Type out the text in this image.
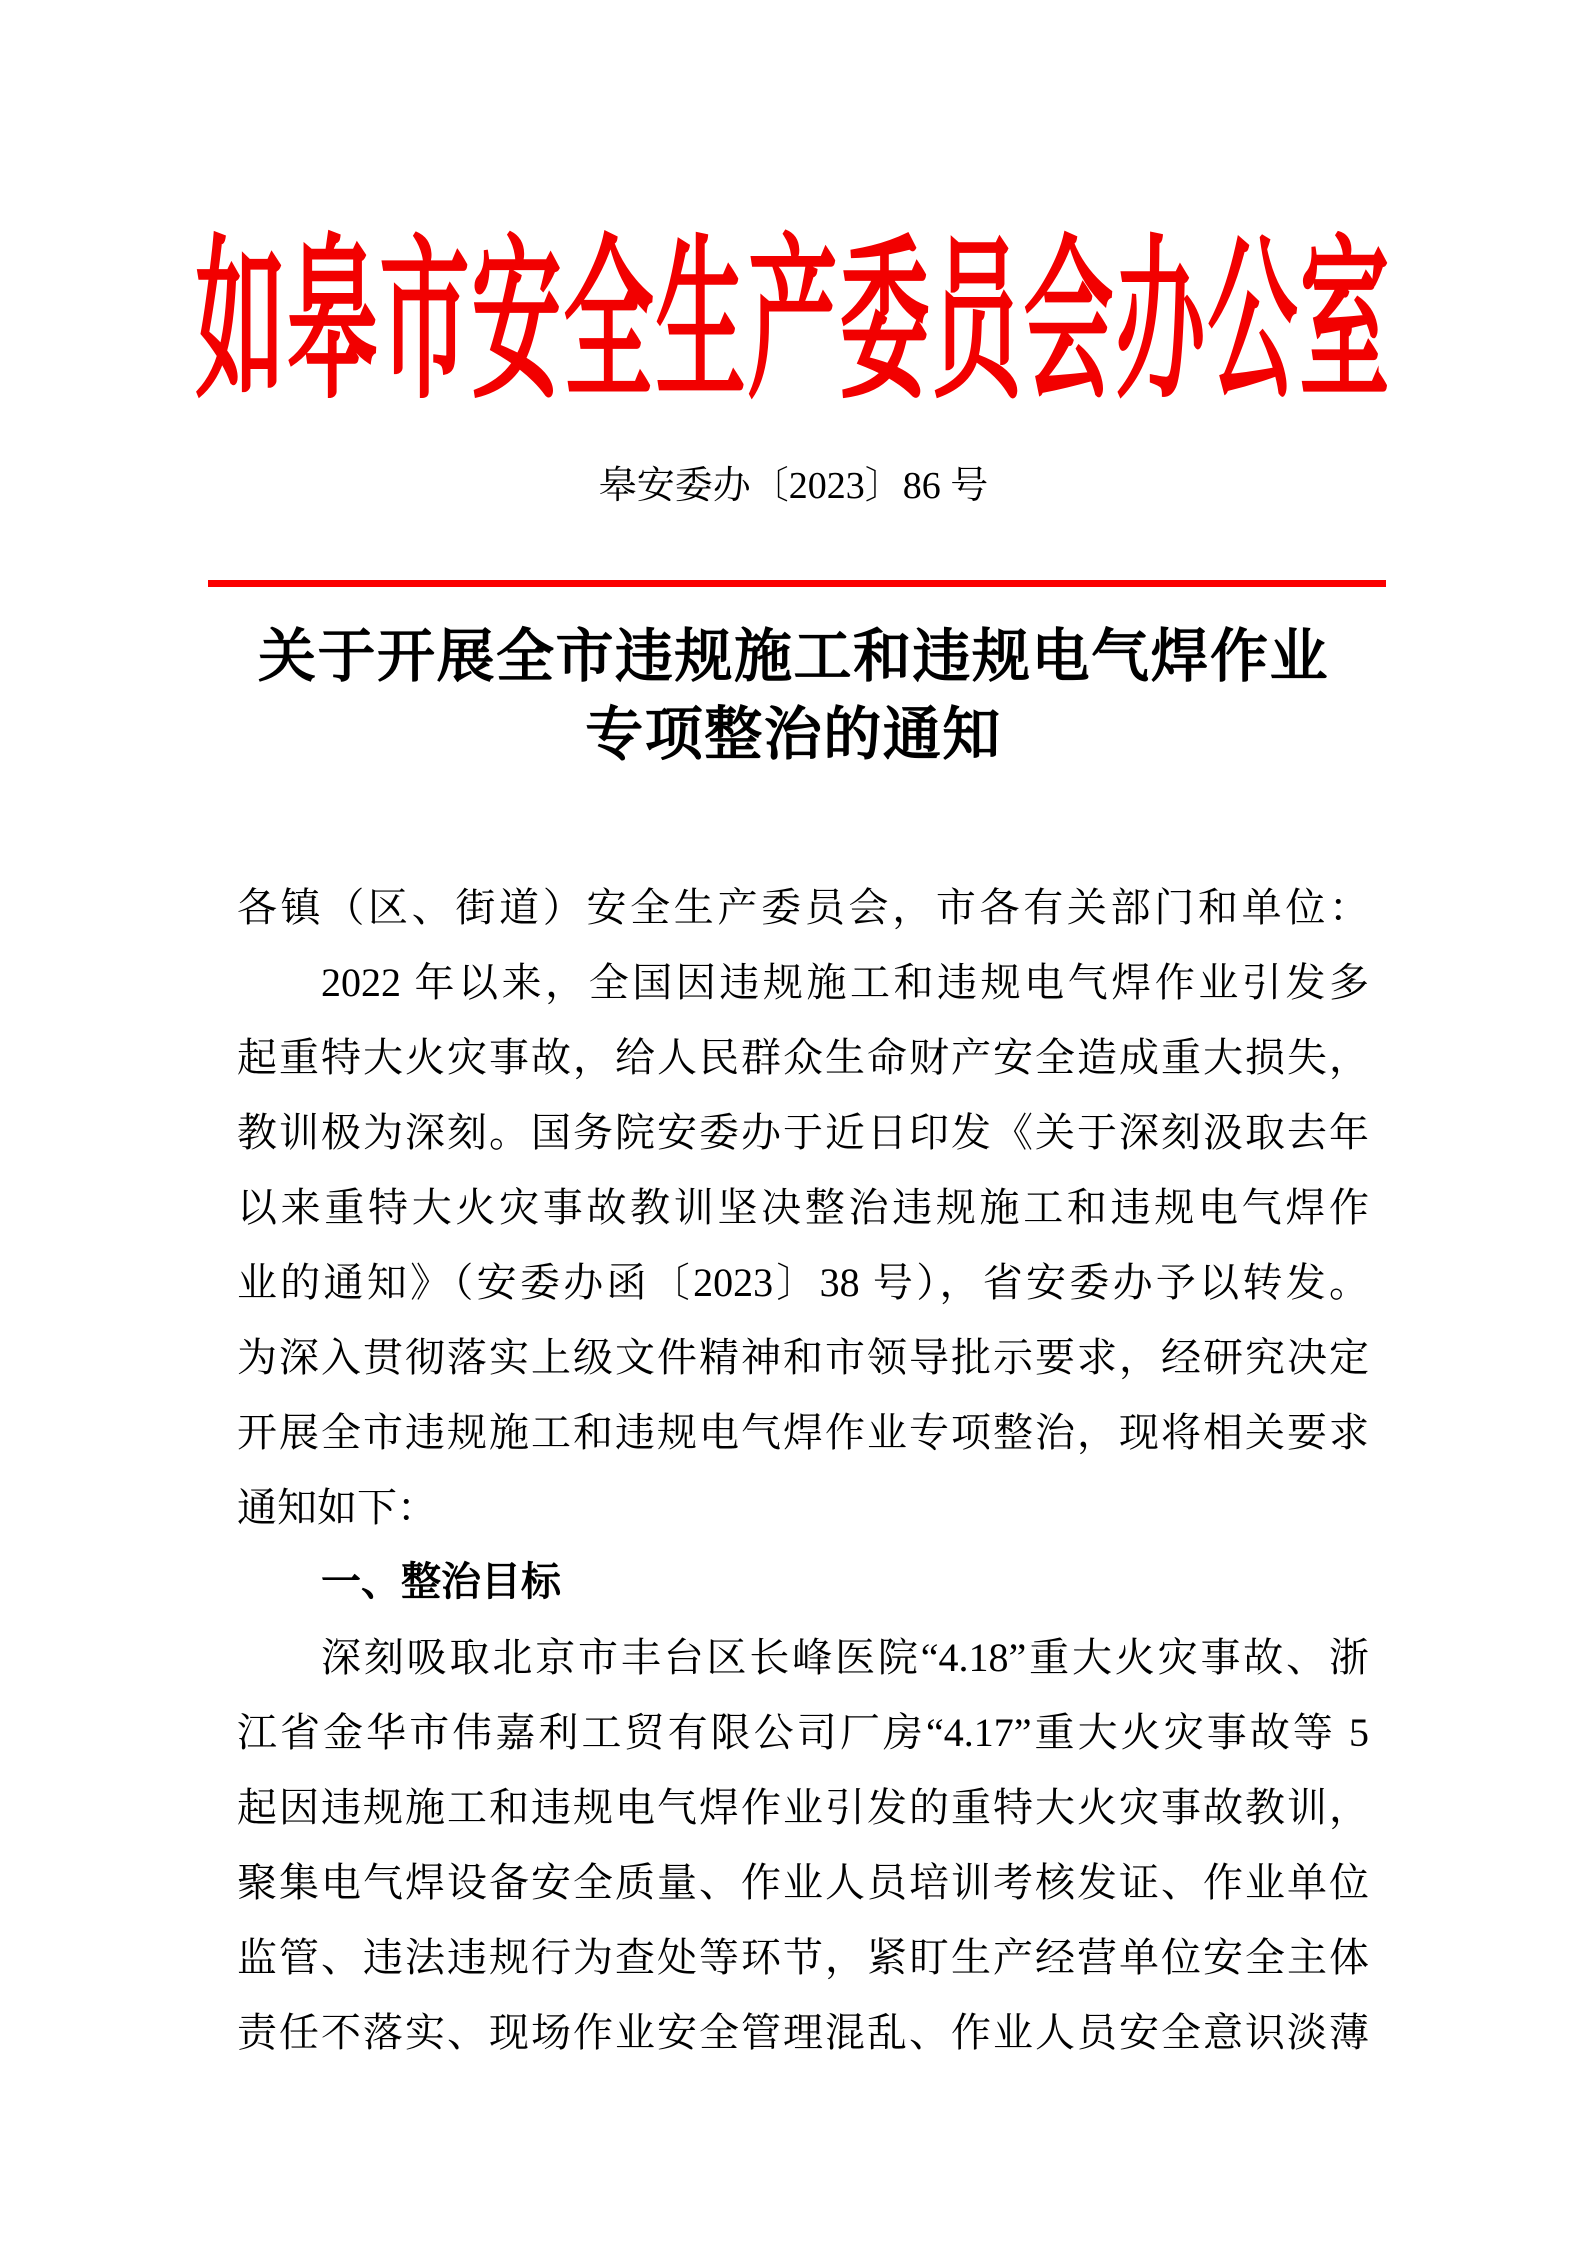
如皋市安全生产委员会办公室
皋安委办〔2023〕86 号
关于开展全市违规施工和违规电气焊作业
专项整治的通知
各镇（区、街道）安全生产委员会，市各有关部门和单位：
2022 年以来，全国因违规施工和违规电气焊作业引发多
起重特大火灾事故，给人民群众生命财产安全造成重大损失，
教训极为深刻。国务院安委办于近日印发《关于深刻汲取去年
以来重特大火灾事故教训坚决整治违规施工和违规电气焊作
业的通知》（安委办函〔2023〕38 号），省安委办予以转发。
为深入贯彻落实上级文件精神和市领导批示要求，经研究决定
开展全市违规施工和违规电气焊作业专项整治，现将相关要求
通知如下：
一、整治目标
深刻吸取北京市丰台区长峰医院“4.18”重大火灾事故、浙
江省金华市伟嘉利工贸有限公司厂房“4.17”重大火灾事故等 5
起因违规施工和违规电气焊作业引发的重特大火灾事故教训，
聚集电气焊设备安全质量、作业人员培训考核发证、作业单位
监管、违法违规行为查处等环节，紧盯生产经营单位安全主体
责任不落实、现场作业安全管理混乱、作业人员安全意识淡薄
